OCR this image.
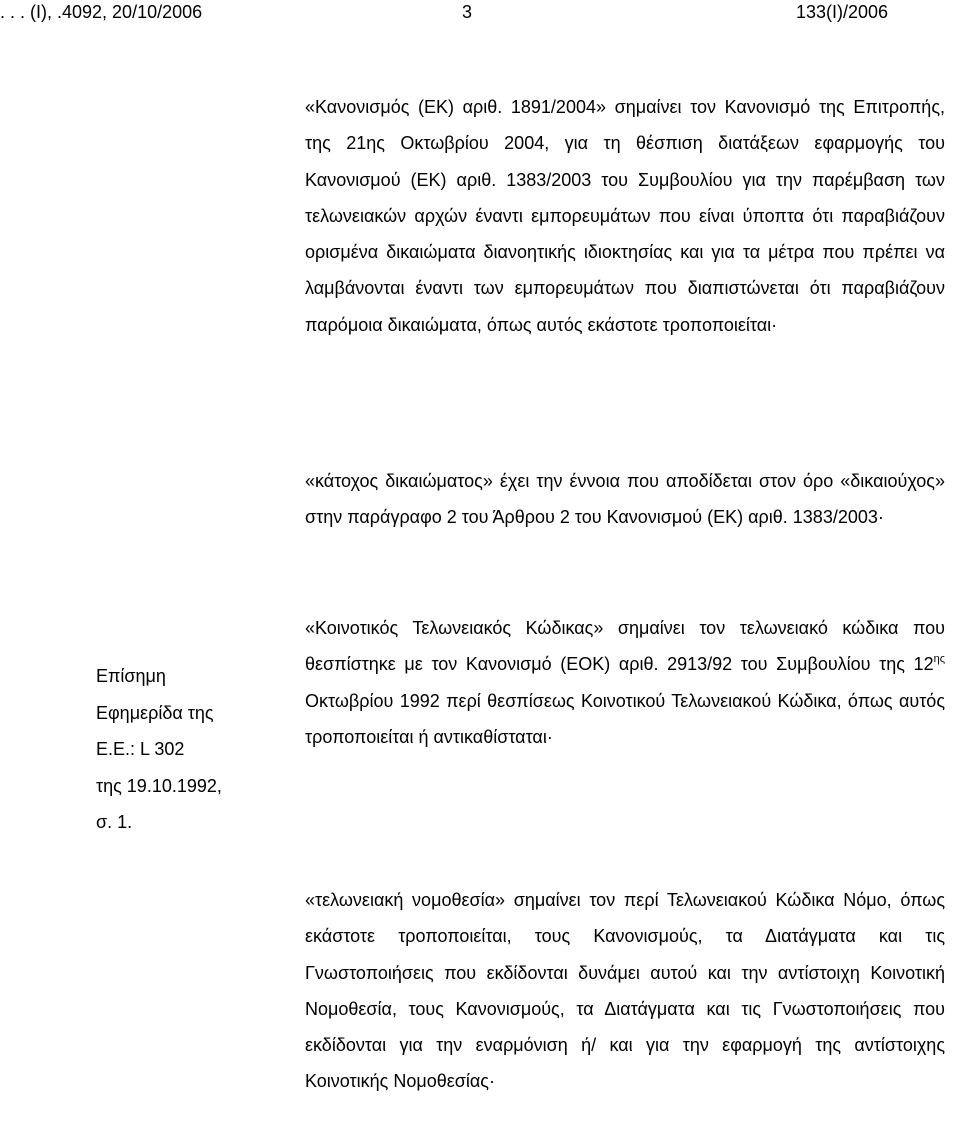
. . . (Ι), .4092, 20/10/2006	3	133(Ι)/2006

«Κανονισμός (ΕΚ) αριθ. 1891/2004» σημαίνει τον Κανονισμό της Επιτροπής, της 21ης Οκτωβρίου 2004, για τη θέσπιση διατάξεων εφαρμογής του Κανονισμού (ΕΚ) αριθ. 1383/2003 του Συμβουλίου για την παρέμβαση των τελωνειακών αρχών έναντι εμπορευμάτων που είναι ύποπτα ότι παραβιάζουν ορισμένα δικαιώματα διανοητικής ιδιοκτησίας και για τα μέτρα που πρέπει να λαμβάνονται έναντι των εμπορευμάτων που διαπιστώνεται ότι παραβιάζουν παρόμοια δικαιώματα, όπως αυτός εκάστοτε τροποποιείται·

«κάτοχος δικαιώματος» έχει την έννοια που αποδίδεται στον όρο «δικαιούχος» στην παράγραφο 2 του Άρθρου 2 του Κανονισμού (ΕΚ) αριθ. 1383/2003·

«Κοινοτικός Τελωνειακός Κώδικας» σημαίνει τον τελωνειακό κώδικα που θεσπίστηκε με τον Κανονισμό (ΕΟΚ) αριθ. 2913/92 του Συμβουλίου της $12^{\eta\varsigma}$ Οκτωβρίου 1992 περί θεσπίσεως Κοινοτικού Τελωνειακού Κώδικα, όπως αυτός τροποποιείται ή αντικαθίσταται·

Επίσημη
Εφημερίδα της
Ε.Ε.: L 302
της 19.10.1992,
σ. 1.

«τελωνειακή νομοθεσία» σημαίνει τον περί Τελωνειακού Κώδικα Νόμο, όπως εκάστοτε τροποποιείται, τους Κανονισμούς, τα Διατάγματα και τις Γνωστοποιήσεις που εκδίδονται δυνάμει αυτού και την αντίστοιχη Κοινοτική Νομοθεσία, τους Κανονισμούς, τα Διατάγματα και τις Γνωστοποιήσεις που εκδίδονται για την εναρμόνιση ή/ και για την εφαρμογή της αντίστοιχης Κοινοτικής Νομοθεσίας·
